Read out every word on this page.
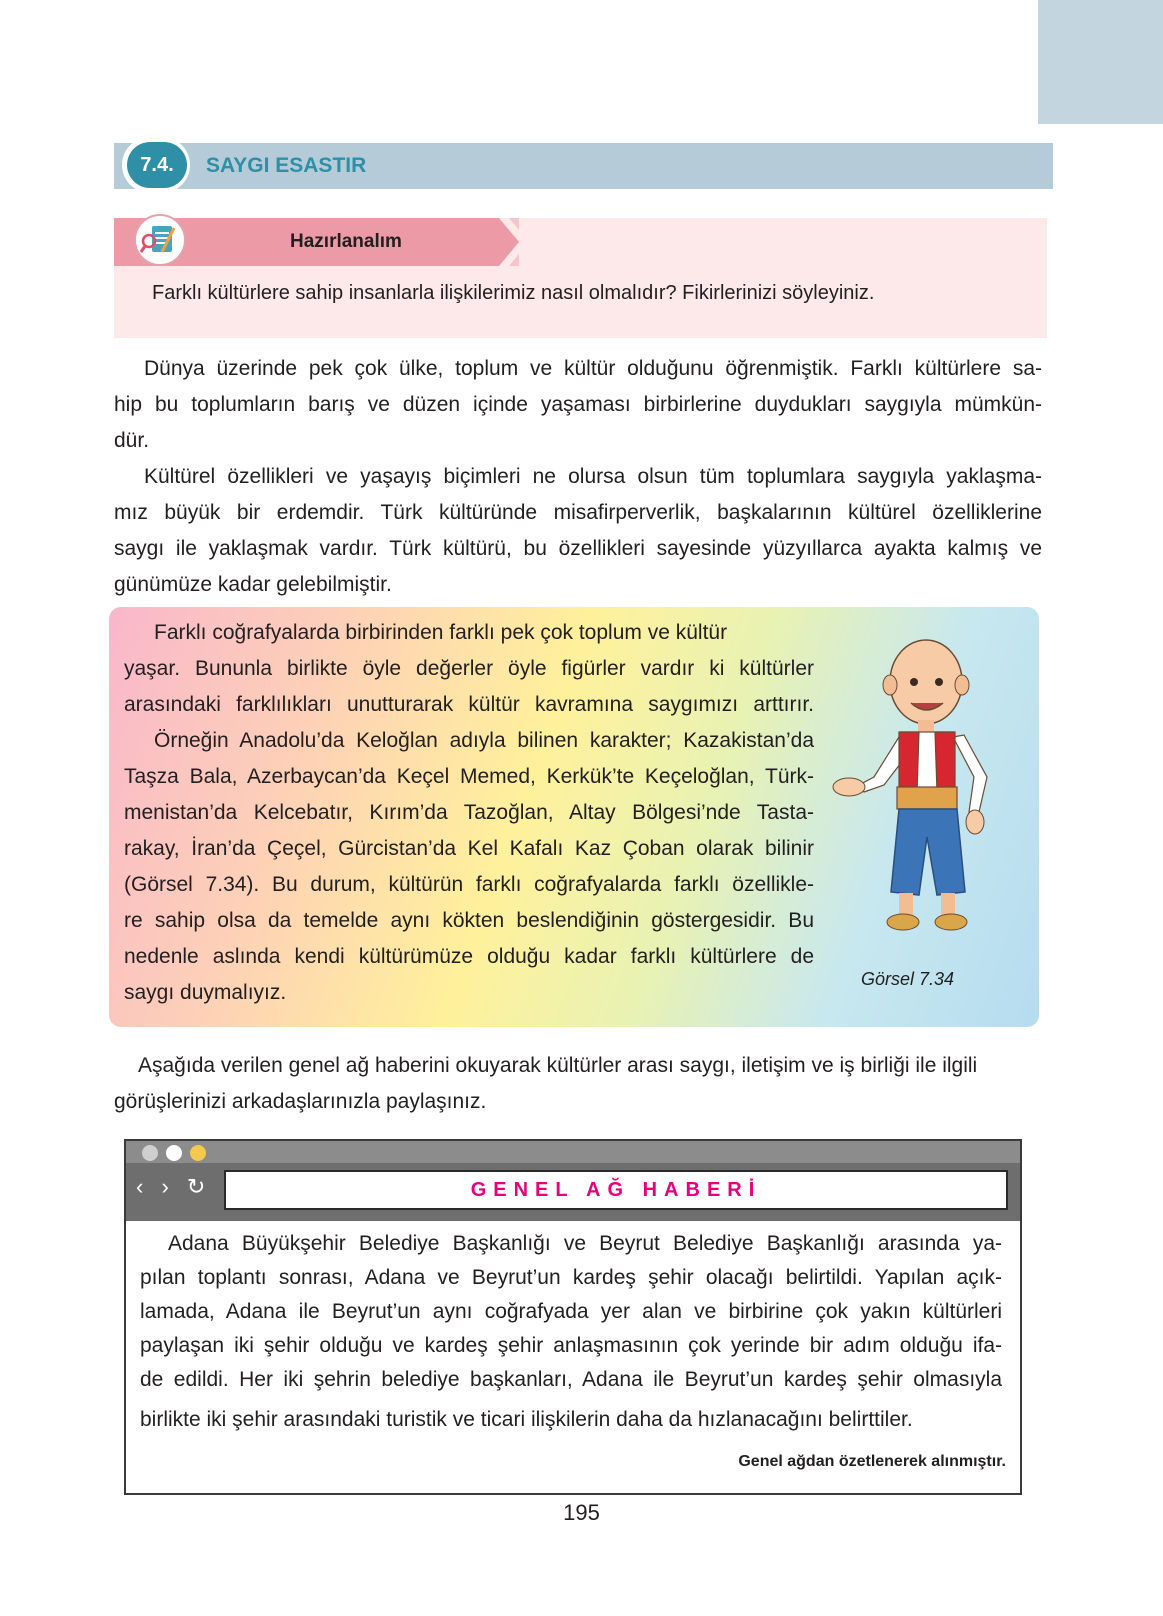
7.4.	SAYGI ESASTIR
Hazırlanalım
Farklı kültürlere sahip insanlarla ilişkilerimiz nasıl olmalıdır? Fikirlerinizi söyleyiniz.

Dünya üzerinde pek çok ülke, toplum ve kültür olduğunu öğrenmiştik. Farklı kültürlere sa-
hip bu toplumların barış ve düzen içinde yaşaması birbirlerine duydukları saygıyla mümkün-
dür.

Kültürel özellikleri ve yaşayış biçimleri ne olursa olsun tüm toplumlara saygıyla yaklaşma-
mız büyük bir erdemdir. Türk kültüründe misafirperverlik, başkalarının kültürel özelliklerine
saygı ile yaklaşmak vardır. Türk kültürü, bu özellikleri sayesinde yüzyıllarca ayakta kalmış ve
günümüze kadar gelebilmiştir.

Farklı coğrafyalarda birbirinden farklı pek çok toplum ve kültür
yaşar. Bununla birlikte öyle değerler öyle figürler vardır ki kültürler
arasındaki farklılıkları unutturarak kültür kavramına saygımızı arttırır.
Örneğin Anadolu’da Keloğlan adıyla bilinen karakter; Kazakistan’da
Taşza Bala, Azerbaycan’da Keçel Memed, Kerkük’te Keçeloğlan, Türk-
menistan’da Kelcebatır, Kırım’da Tazoğlan, Altay Bölgesi’nde Tasta-
rakay, İran’da Çeçel, Gürcistan’da Kel Kafalı Kaz Çoban olarak bilinir
(Görsel 7.34). Bu durum, kültürün farklı coğrafyalarda farklı özellikle-
re sahip olsa da temelde aynı kökten beslendiğinin göstergesidir. Bu
nedenle aslında kendi kültürümüze olduğu kadar farklı kültürlere de
saygı duymalıyız.

Görsel 7.34

Aşağıda verilen genel ağ haberini okuyarak kültürler arası saygı, iletişim ve iş birliği ile ilgili
görüşlerinizi arkadaşlarınızla paylaşınız.

‹ › ↻	GENEL AĞ HABERİ

Adana Büyükşehir Belediye Başkanlığı ve Beyrut Belediye Başkanlığı arasında ya-
pılan toplantı sonrası, Adana ve Beyrut’un kardeş şehir olacağı belirtildi. Yapılan açık-
lamada, Adana ile Beyrut’un aynı coğrafyada yer alan ve birbirine çok yakın kültürleri
paylaşan iki şehir olduğu ve kardeş şehir anlaşmasının çok yerinde bir adım olduğu ifa-
de edildi. Her iki şehrin belediye başkanları, Adana ile Beyrut’un kardeş şehir olmasıyla
birlikte iki şehir arasındaki turistik ve ticari ilişkilerin daha da hızlanacağını belirttiler.

Genel ağdan özetlenerek alınmıştır.
195
